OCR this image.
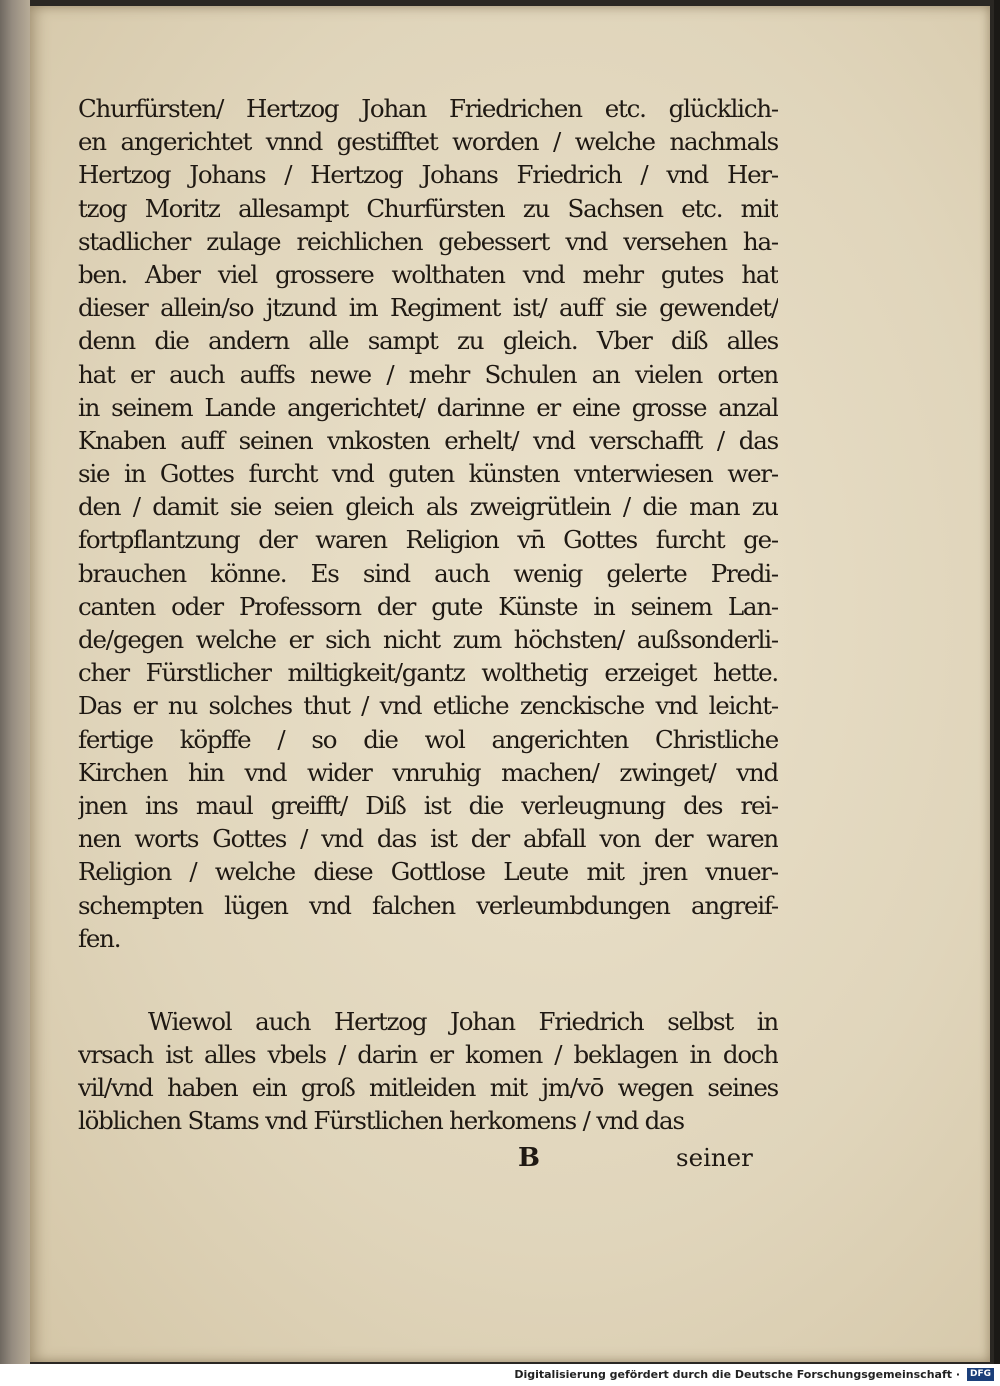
Churfürsten/ Hertzog Johan Friedrichen etc. glücklich-
en angerichtet vnnd gestifftet worden / welche nachmals
Hertzog Johans / Hertzog Johans Friedrich / vnd Her-
tzog Moritz allesampt Churfürsten zu Sachsen etc. mit
stadlicher zulage reichlichen gebessert vnd versehen ha-
ben. Aber viel grossere wolthaten vnd mehr gutes hat
dieser allein/so jtzund im Regiment ist/ auff sie gewendet/
denn die andern alle sampt zu gleich. Vber diß alles
hat er auch auffs newe / mehr Schulen an vielen orten
in seinem Lande angerichtet/ darinne er eine grosse anzal
Knaben auff seinen vnkosten erhelt/ vnd verschafft / das
sie in Gottes furcht vnd guten künsten vnterwiesen wer-
den / damit sie seien gleich als zweigrütlein / die man zu
fortpflantzung der waren Religion vn̄ Gottes furcht ge-
brauchen könne. Es sind auch wenig gelerte Predi-
canten oder Professorn der gute Künste in seinem Lan-
de/gegen welche er sich nicht zum höchsten/ außsonderli-
cher Fürstlicher miltigkeit/gantz wolthetig erzeiget hette.
Das er nu solches thut / vnd etliche zenckische vnd leicht-
fertige köpffe / so die wol angerichten Christliche
Kirchen hin vnd wider vnruhig machen/ zwinget/ vnd
jnen ins maul greifft/ Diß ist die verleugnung des rei-
nen worts Gottes / vnd das ist der abfall von der waren
Religion / welche diese Gottlose Leute mit jren vnuer-
schempten lügen vnd falchen verleumbdungen angreif-
fen.
Wiewol auch Hertzog Johan Friedrich selbst in
vrsach ist alles vbels / darin er komen / beklagen in doch
vil/vnd haben ein groß mitleiden mit jm/vō wegen seines
löblichen Stams vnd Fürstlichen herkomens / vnd das
B	seiner
Digitalisierung gefördert durch die Deutsche Forschungsgemeinschaft ·	DFG
